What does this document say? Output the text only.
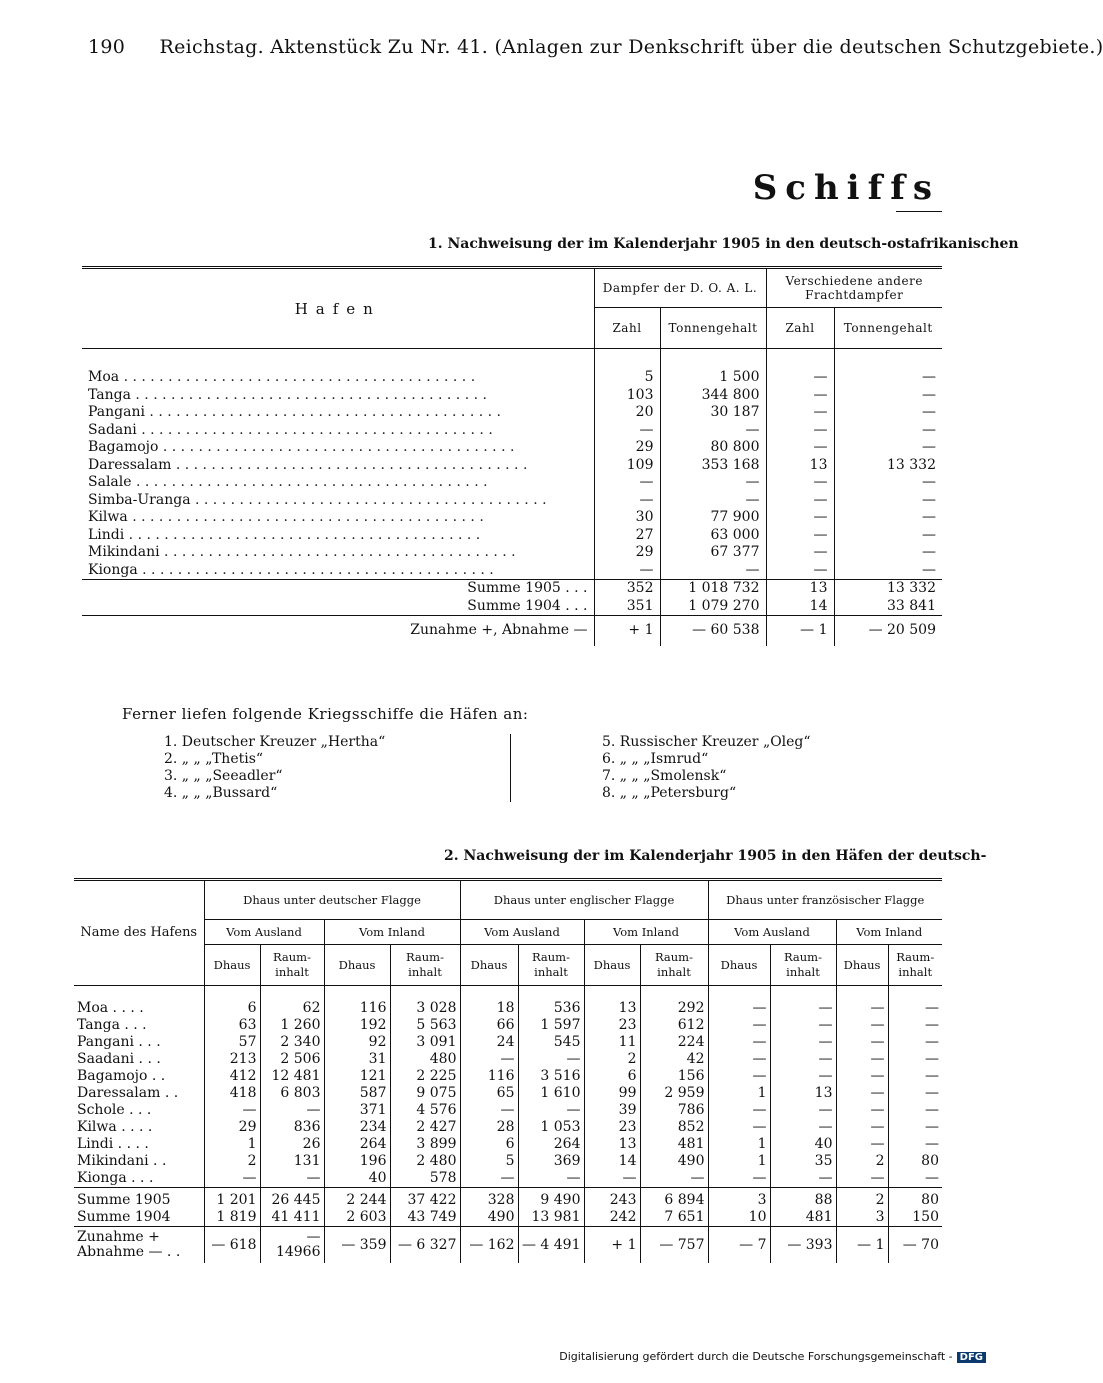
190 Reichstag. Aktenstück Zu Nr. 41. (Anlagen zur Denkschrift über die deutschen Schutzgebiete.)
Schiffs
1. Nachweisung der im Kalenderjahr 1905 in den deutsch-ostafrikanischen
Hafen	Dampfer der D. O. A. L.		Verschiedene andere Frachtdampfer	
	Zahl	Tonnengehalt	Zahl	Tonnengehalt
Moa . . .	5	1 500	—	—
Tanga . . .	103	344 800	—	—
Pangani . . .	20	30 187	—	—
Sadani . . .	—	—	—	—
Bagamojo . . .	29	80 800	—	—
Daressalam . . .	109	353 168	13	13 332
Salale . . .	—	—	—	—
Simba-Uranga . . .	—	—	—	—
Kilwa . . .	30	77 900	—	—
Lindi . . .	27	63 000	—	—
Mikindani . . .	29	67 377	—	—
Kionga . . .	—	—	—	—
Summe 1905 . . .	352	1 018 732	13	13 332
Summe 1904 . . .	351	1 079 270	14	33 841
Zunahme +, Abnahme —	+ 1	— 60 538	— 1	— 20 509
Ferner liefen folgende Kriegsschiffe die Häfen an:
1. Deutscher Kreuzer „Hertha“
2. „ „ „Thetis“
3. „ „ „Seeadler“
4. „ „ „Bussard“
5. Russischer Kreuzer „Oleg“
6. „ „ „Ismrud“
7. „ „ „Smolensk“
8. „ „ „Petersburg“
2. Nachweisung der im Kalenderjahr 1905 in den Häfen der deutsch-
Name des Hafens	Dhaus unter deutscher Flagge				Dhaus unter englischer Flagge				Dhaus unter französischer Flagge			
	Vom Ausland		Vom Inland		Vom Ausland		Vom Inland		Vom Ausland		Vom Inland	
	Dhaus	Raum-inhalt	Dhaus	Raum-inhalt	Dhaus	Raum-inhalt	Dhaus	Raum-inhalt	Dhaus	Raum-inhalt	Dhaus	Raum-inhalt
Moa . . . .	6	62	116	3 028	18	536	13	292	—	—	—	—
Tanga . . .	63	1 260	192	5 563	66	1 597	23	612	—	—	—	—
Pangani . . .	57	2 340	92	3 091	24	545	11	224	—	—	—	—
Saadani . . .	213	2 506	31	480	—	—	2	42	—	—	—	—
Bagamojo . .	412	12 481	121	2 225	116	3 516	6	156	—	—	—	—
Daressalam . .	418	6 803	587	9 075	65	1 610	99	2 959	1	13	—	—
Schole . . .	—	—	371	4 576	—	—	39	786	—	—	—	—
Kilwa . . . .	29	836	234	2 427	28	1 053	23	852	—	—	—	—
Lindi . . . .	1	26	264	3 899	6	264	13	481	1	40	—	—
Mikindani . .	2	131	196	2 480	5	369	14	490	1	35	2	80
Kionga . . .	—	—	40	578	—	—	—	—	—	—	—	—
Summe 1905	1 201	26 445	2 244	37 422	328	9 490	243	6 894	3	88	2	80
Summe 1904	1 819	41 411	2 603	43 749	490	13 981	242	7 651	10	481	3	150
Zunahme + Abnahme — . .	— 618	—14966	— 359	— 6 327	— 162	— 4 491	+ 1	— 757	— 7	— 393	— 1	— 70
Digitalisierung gefördert durch die Deutsche Forschungsgemeinschaft - DFG
